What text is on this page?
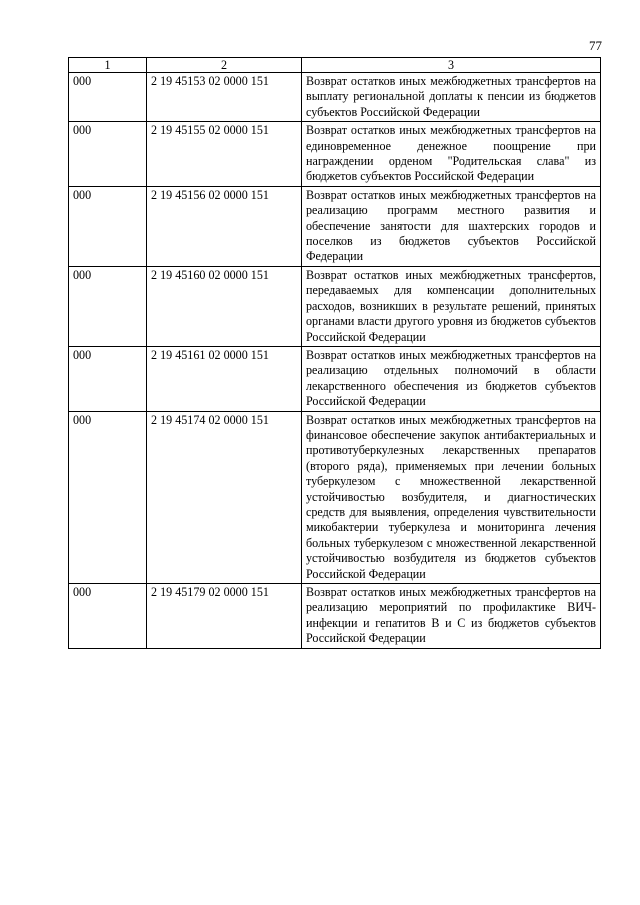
77
1	2	3
000	2 19 45153 02 0000 151	Возврат остатков иных межбюджетных трансфертов на выплату региональной доплаты к пенсии из бюджетов субъектов Российской Федерации
000	2 19 45155 02 0000 151	Возврат остатков иных межбюджетных трансфертов на единовременное денежное поощрение при награждении орденом "Родительская слава" из бюджетов субъектов Российской Федерации
000	2 19 45156 02 0000 151	Возврат остатков иных межбюджетных трансфертов на реализацию программ местного развития и обеспечение занятости для шахтерских городов и поселков из бюджетов субъектов Российской Федерации
000	2 19 45160 02 0000 151	Возврат остатков иных межбюджетных трансфертов, передаваемых для компенсации дополнительных расходов, возникших в результате решений, принятых органами власти другого уровня из бюджетов субъектов Российской Федерации
000	2 19 45161 02 0000 151	Возврат остатков иных межбюджетных трансфертов на реализацию отдельных полномочий в области лекарственного обеспечения из бюджетов субъектов Российской Федерации
000	2 19 45174 02 0000 151	Возврат остатков иных межбюджетных трансфертов на финансовое обеспечение закупок антибактериальных и противотуберкулезных лекарственных препаратов (второго ряда), применяемых при лечении больных туберкулезом с множественной лекарственной устойчивостью возбудителя, и диагностических средств для выявления, определения чувствительности микобактерии туберкулеза и мониторинга лечения больных туберкулезом с множественной лекарственной устойчивостью возбудителя из бюджетов субъектов Российской Федерации
000	2 19 45179 02 0000 151	Возврат остатков иных межбюджетных трансфертов на реализацию мероприятий по профилактике ВИЧ-инфекции и гепатитов B и C из бюджетов субъектов Российской Федерации
